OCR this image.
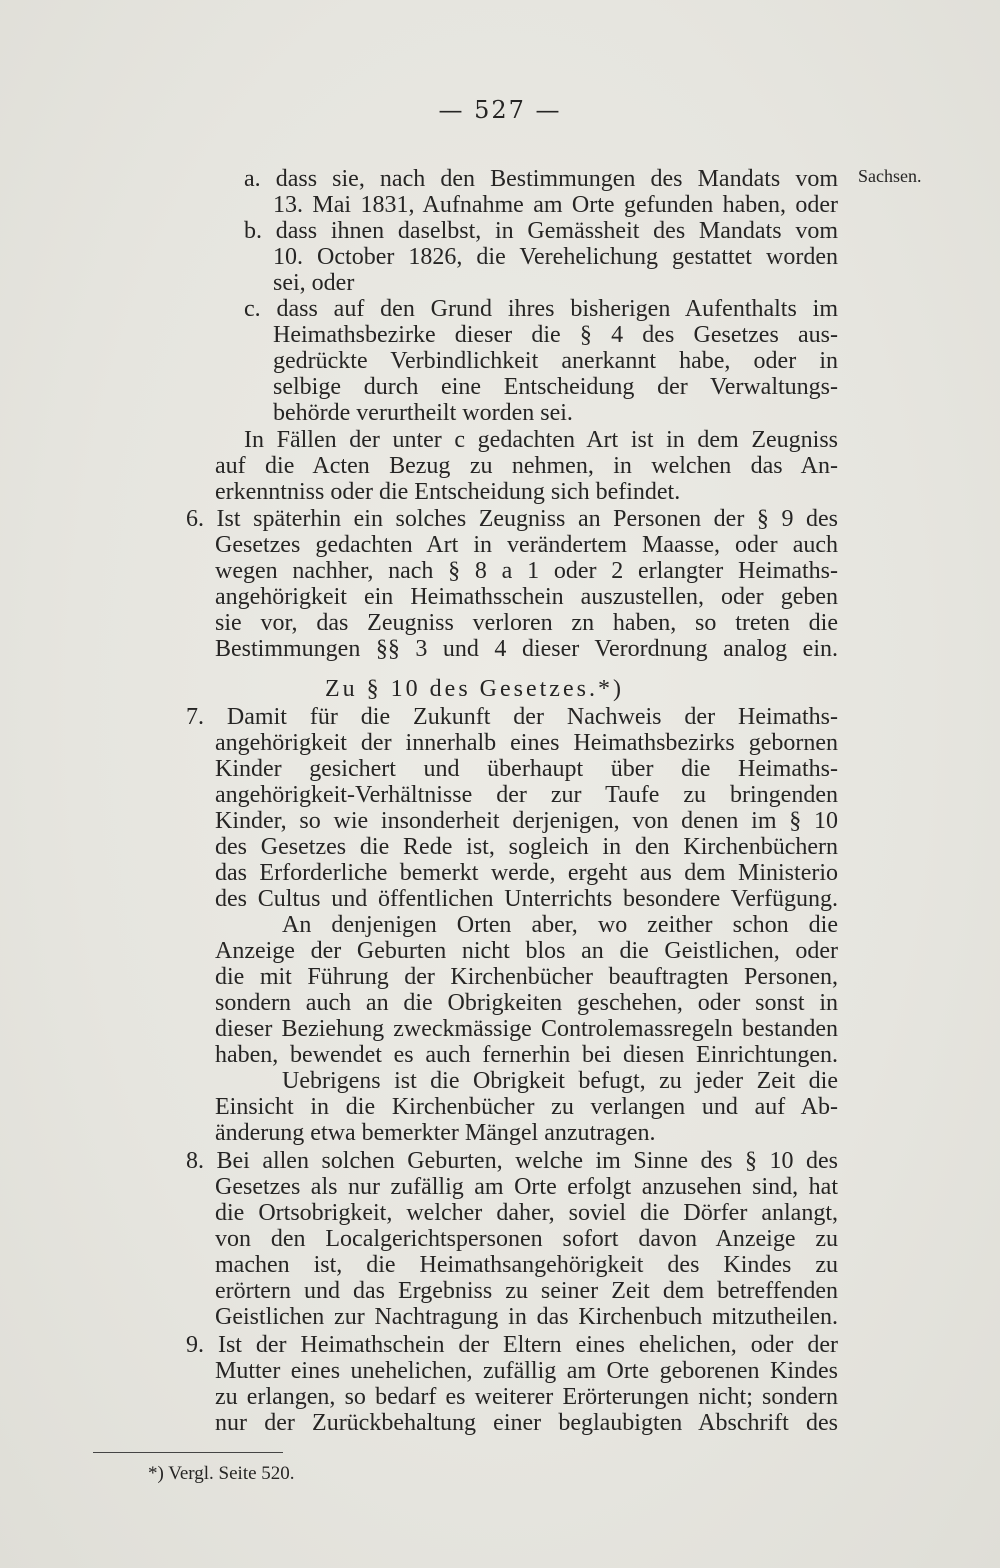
— 527 —
Sachsen.
a. dass sie, nach den Bestimmungen des Mandats vom
13. Mai 1831, Aufnahme am Orte gefunden haben, oder
b. dass ihnen daselbst, in Gemässheit des Mandats vom
10. October 1826, die Verehelichung gestattet worden
sei, oder
c. dass auf den Grund ihres bisherigen Aufenthalts im
Heimathsbezirke dieser die § 4 des Gesetzes aus-
gedrückte Verbindlichkeit anerkannt habe, oder in
selbige durch eine Entscheidung der Verwaltungs-
behörde verurtheilt worden sei.
In Fällen der unter c gedachten Art ist in dem Zeugniss
auf die Acten Bezug zu nehmen, in welchen das An-
erkenntniss oder die Entscheidung sich befindet.
6. Ist späterhin ein solches Zeugniss an Personen der § 9 des
Gesetzes gedachten Art in verändertem Maasse, oder auch
wegen nachher, nach § 8 a 1 oder 2 erlangter Heimaths-
angehörigkeit ein Heimathsschein auszustellen, oder geben
sie vor, das Zeugniss verloren zn haben, so treten die
Bestimmungen §§ 3 und 4 dieser Verordnung analog ein.
Zu § 10 des Gesetzes.*)
7. Damit für die Zukunft der Nachweis der Heimaths-
angehörigkeit der innerhalb eines Heimathsbezirks gebornen
Kinder gesichert und überhaupt über die Heimaths-
angehörigkeit-Verhältnisse der zur Taufe zu bringenden
Kinder, so wie insonderheit derjenigen, von denen im § 10
des Gesetzes die Rede ist, sogleich in den Kirchenbüchern
das Erforderliche bemerkt werde, ergeht aus dem Ministerio
des Cultus und öffentlichen Unterrichts besondere Verfügung.
An denjenigen Orten aber, wo zeither schon die
Anzeige der Geburten nicht blos an die Geistlichen, oder
die mit Führung der Kirchenbücher beauftragten Personen,
sondern auch an die Obrigkeiten geschehen, oder sonst in
dieser Beziehung zweckmässige Controlemassregeln bestanden
haben, bewendet es auch fernerhin bei diesen Einrichtungen.
Uebrigens ist die Obrigkeit befugt, zu jeder Zeit die
Einsicht in die Kirchenbücher zu verlangen und auf Ab-
änderung etwa bemerkter Mängel anzutragen.
8. Bei allen solchen Geburten, welche im Sinne des § 10 des
Gesetzes als nur zufällig am Orte erfolgt anzusehen sind, hat
die Ortsobrigkeit, welcher daher, soviel die Dörfer anlangt,
von den Localgerichtspersonen sofort davon Anzeige zu
machen ist, die Heimathsangehörigkeit des Kindes zu
erörtern und das Ergebniss zu seiner Zeit dem betreffenden
Geistlichen zur Nachtragung in das Kirchenbuch mitzutheilen.
9. Ist der Heimathschein der Eltern eines ehelichen, oder der
Mutter eines unehelichen, zufällig am Orte geborenen Kindes
zu erlangen, so bedarf es weiterer Erörterungen nicht; sondern
nur der Zurückbehaltung einer beglaubigten Abschrift des
*) Vergl. Seite 520.
